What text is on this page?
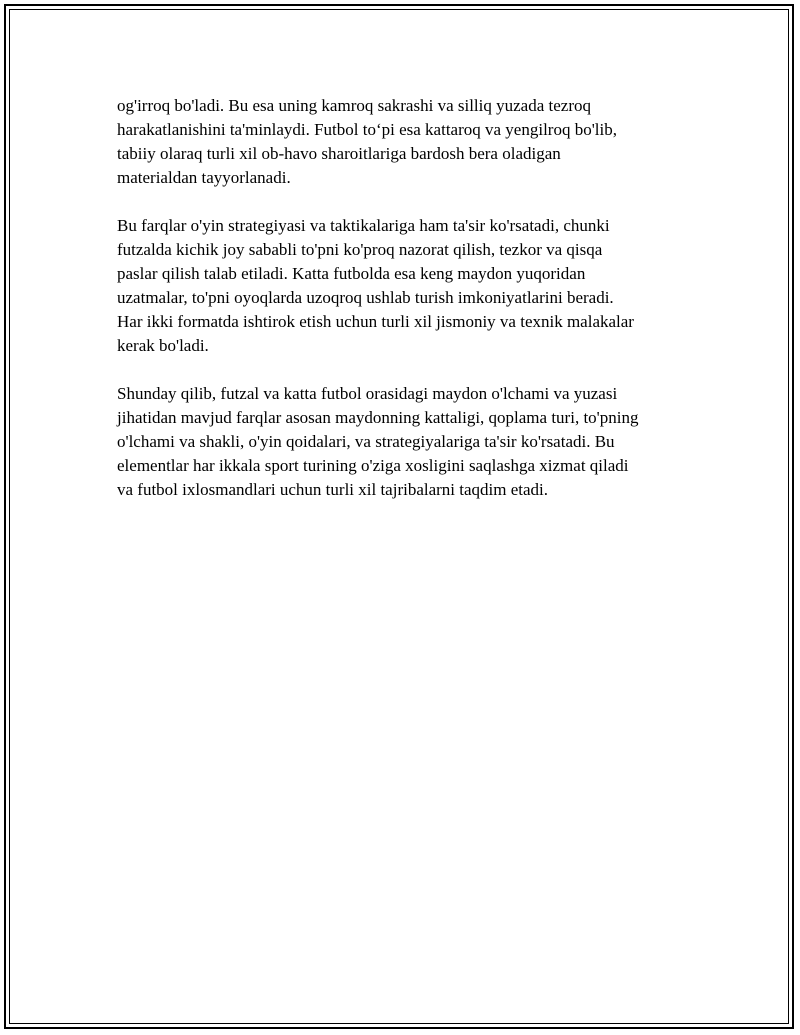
og'irroq bo'ladi. Bu esa uning kamroq sakrashi va silliq yuzada tezroq
harakatlanishini ta'minlaydi. Futbol to‘pi esa kattaroq va yengilroq bo'lib,
tabiiy olaraq turli xil ob-havo sharoitlariga bardosh bera oladigan
materialdan tayyorlanadi.

Bu farqlar o'yin strategiyasi va taktikalariga ham ta'sir ko'rsatadi, chunki
futzalda kichik joy sababli to'pni ko'proq nazorat qilish, tezkor va qisqa
paslar qilish talab etiladi. Katta futbolda esa keng maydon yuqoridan
uzatmalar, to'pni oyoqlarda uzoqroq ushlab turish imkoniyatlarini beradi.
Har ikki formatda ishtirok etish uchun turli xil jismoniy va texnik malakalar
kerak bo'ladi.

Shunday qilib, futzal va katta futbol orasidagi maydon o'lchami va yuzasi
jihatidan mavjud farqlar asosan maydonning kattaligi, qoplama turi, to'pning
o'lchami va shakli, o'yin qoidalari, va strategiyalariga ta'sir ko'rsatadi. Bu
elementlar har ikkala sport turining o'ziga xosligini saqlashga xizmat qiladi
va futbol ixlosmandlari uchun turli xil tajribalarni taqdim etadi.
